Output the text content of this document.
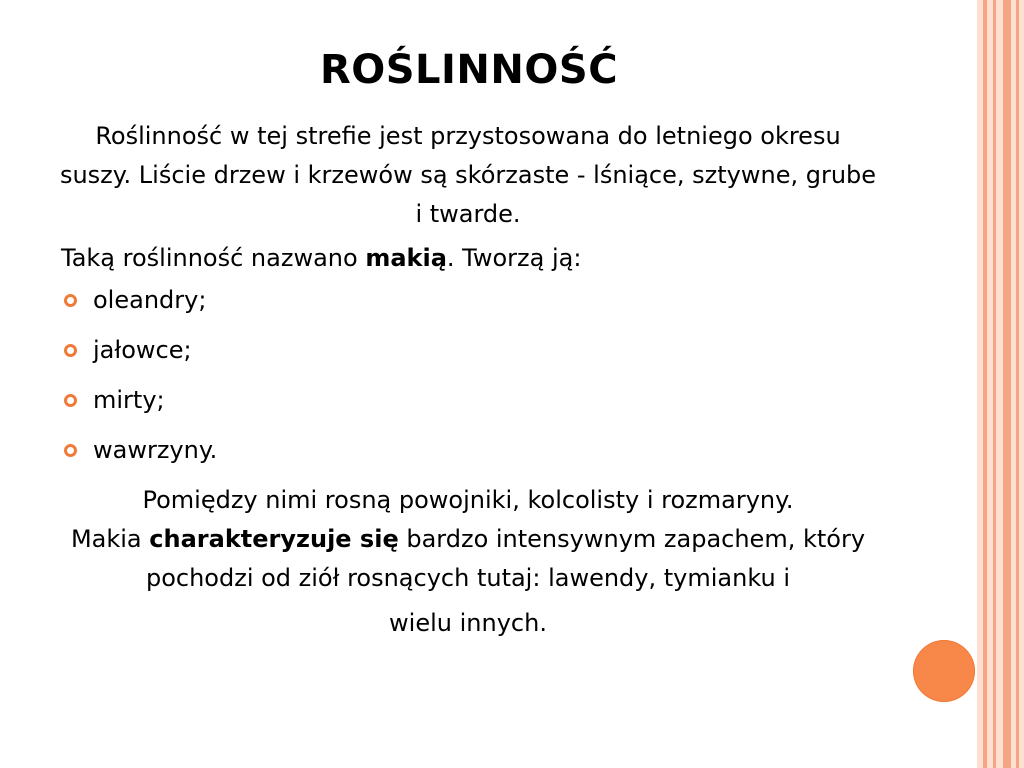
ROŚLINNOŚĆ

Roślinność w tej strefie jest przystosowana do letniego okresu suszy. Liście drzew i krzewów są skórzaste - lśniące, sztywne, grube i twarde.

Taką roślinność nazwano makią. Tworzą ją:

oleandry;
jałowce;
mirty;
wawrzyny.

Pomiędzy nimi rosną powojniki, kolcolisty i rozmaryny.
Makia charakteryzuje się bardzo intensywnym zapachem, który pochodzi od ziół rosnących tutaj: lawendy, tymianku i
wielu innych.
